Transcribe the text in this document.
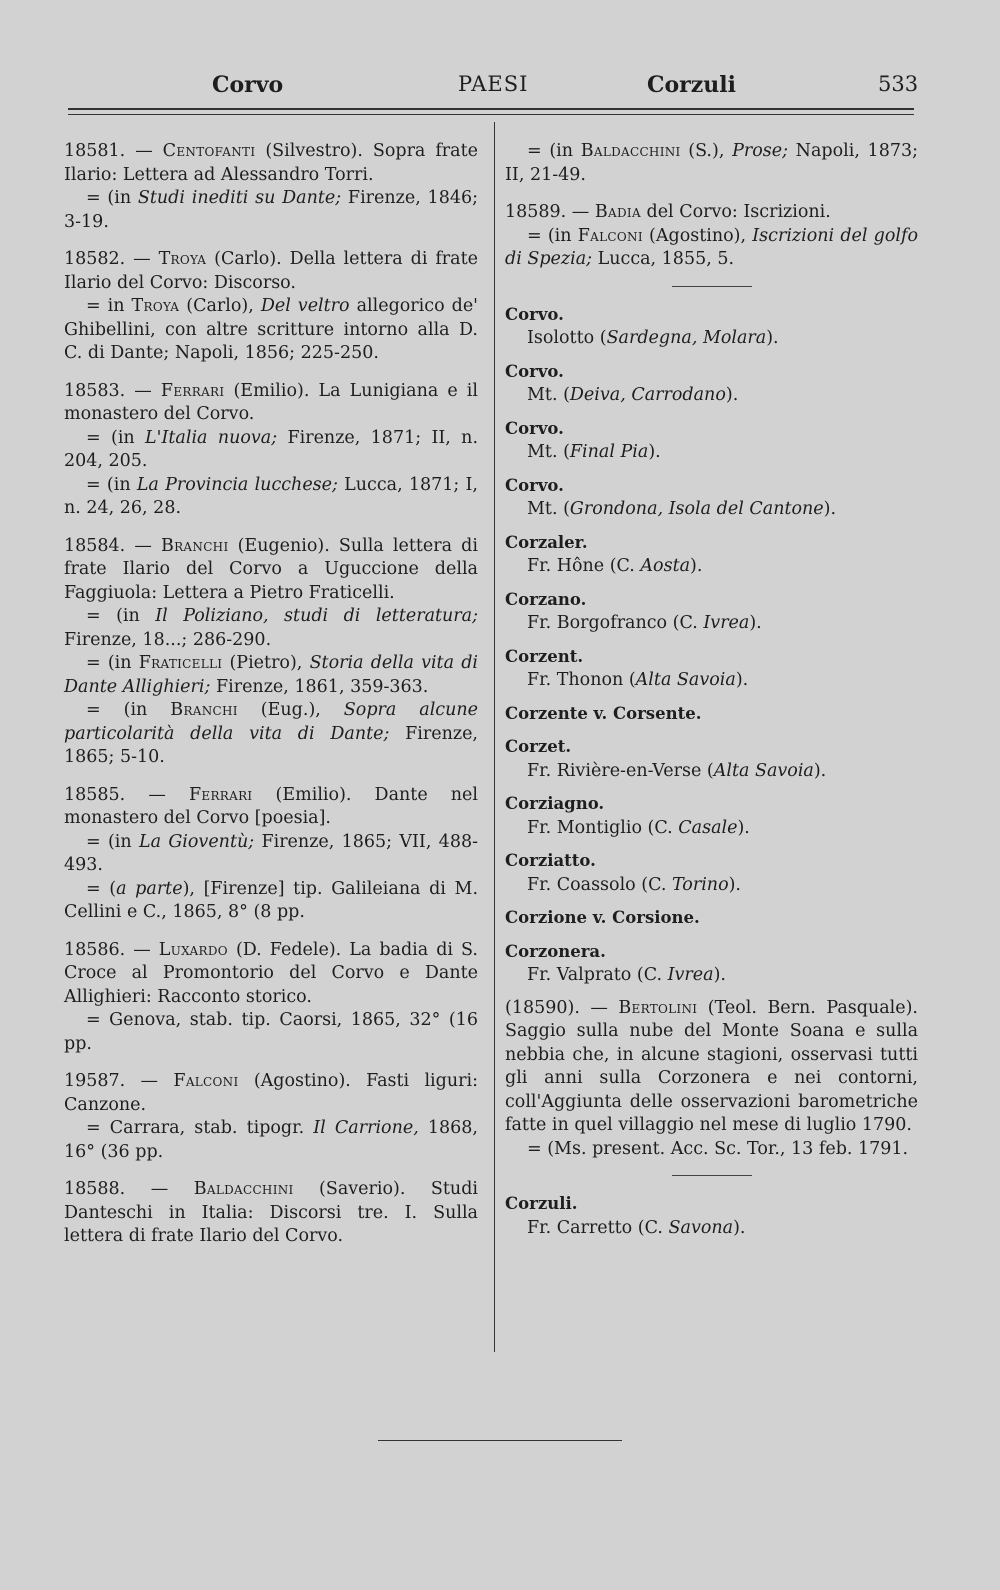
Corvo	PAESI	Corzuli	533

18581. — Centofanti (Silvestro). Sopra frate Ilario: Lettera ad Alessandro Torri.

= (in Studi inediti su Dante; Firenze, 1846; 3-19.

18582. — Troya (Carlo). Della lettera di frate Ilario del Corvo: Discorso.

= in Troya (Carlo), Del veltro allegorico de' Ghibellini, con altre scritture intorno alla D. C. di Dante; Napoli, 1856; 225-250.

18583. — Ferrari (Emilio). La Lunigiana e il monastero del Corvo.

= (in L'Italia nuova; Firenze, 1871; II, n. 204, 205.

= (in La Provincia lucchese; Lucca, 1871; I, n. 24, 26, 28.

18584. — Branchi (Eugenio). Sulla lettera di frate Ilario del Corvo a Uguccione della Faggiuola: Lettera a Pietro Fraticelli.

= (in Il Poliziano, studi di letteratura; Firenze, 18...; 286-290.

= (in Fraticelli (Pietro), Storia della vita di Dante Allighieri; Firenze, 1861, 359-363.

= (in Branchi (Eug.), Sopra alcune particolarità della vita di Dante; Firenze, 1865; 5-10.

18585. — Ferrari (Emilio). Dante nel monastero del Corvo [poesia].

= (in La Gioventù; Firenze, 1865; VII, 488-493.

= (a parte), [Firenze] tip. Galileiana di M. Cellini e C., 1865, 8° (8 pp.

18586. — Luxardo (D. Fedele). La badia di S. Croce al Promontorio del Corvo e Dante Allighieri: Racconto storico.

= Genova, stab. tip. Caorsi, 1865, 32° (16 pp.

19587. — Falconi (Agostino). Fasti liguri: Canzone.

= Carrara, stab. tipogr. Il Carrione, 1868, 16° (36 pp.

18588. — Baldacchini (Saverio). Studi Danteschi in Italia: Discorsi tre. I. Sulla lettera di frate Ilario del Corvo.

= (in Baldacchini (S.), Prose; Napoli, 1873; II, 21-49.

18589. — Badia del Corvo: Iscrizioni.

= (in Falconi (Agostino), Iscrizioni del golfo di Spezia; Lucca, 1855, 5.

Corvo.
Isolotto (Sardegna, Molara).
Corvo.
Mt. (Deiva, Carrodano).
Corvo.
Mt. (Final Pia).
Corvo.
Mt. (Grondona, Isola del Cantone).
Corzaler.
Fr. Hône (C. Aosta).
Corzano.
Fr. Borgofranco (C. Ivrea).
Corzent.
Fr. Thonon (Alta Savoia).
Corzente v. Corsente.
Corzet.
Fr. Rivière-en-Verse (Alta Savoia).
Corziagno.
Fr. Montiglio (C. Casale).
Corziatto.
Fr. Coassolo (C. Torino).
Corzione v. Corsione.
Corzonera.
Fr. Valprato (C. Ivrea).

(18590). — Bertolini (Teol. Bern. Pasquale). Saggio sulla nube del Monte Soana e sulla nebbia che, in alcune stagioni, osservasi tutti gli anni sulla Corzonera e nei contorni, coll'Aggiunta delle osservazioni barometriche fatte in quel villaggio nel mese di luglio 1790.

= (Ms. present. Acc. Sc. Tor., 13 feb. 1791.

Corzuli.
Fr. Carretto (C. Savona).
